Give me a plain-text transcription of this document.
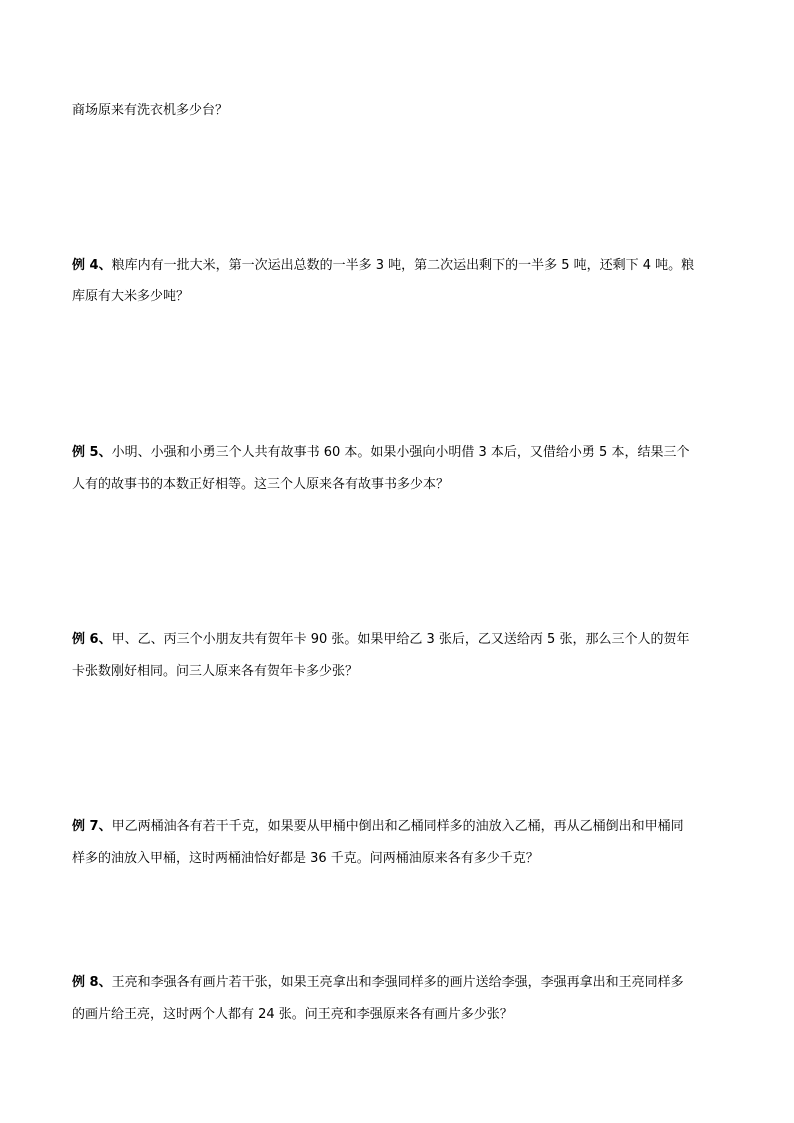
商场原来有洗衣机多少台？
例 4、粮库内有一批大米，第一次运出总数的一半多 3 吨，第二次运出剩下的一半多 5 吨，还剩下 4 吨。粮
库原有大米多少吨？
例 5、小明、小强和小勇三个人共有故事书 60 本。如果小强向小明借 3 本后，又借给小勇 5 本，结果三个
人有的故事书的本数正好相等。这三个人原来各有故事书多少本？
例 6、甲、乙、丙三个小朋友共有贺年卡 90 张。如果甲给乙 3 张后，乙又送给丙 5 张，那么三个人的贺年
卡张数刚好相同。问三人原来各有贺年卡多少张？
例 7、甲乙两桶油各有若干千克，如果要从甲桶中倒出和乙桶同样多的油放入乙桶，再从乙桶倒出和甲桶同
样多的油放入甲桶，这时两桶油恰好都是 36 千克。问两桶油原来各有多少千克？
例 8、王亮和李强各有画片若干张，如果王亮拿出和李强同样多的画片送给李强，李强再拿出和王亮同样多
的画片给王亮，这时两个人都有 24 张。问王亮和李强原来各有画片多少张？
